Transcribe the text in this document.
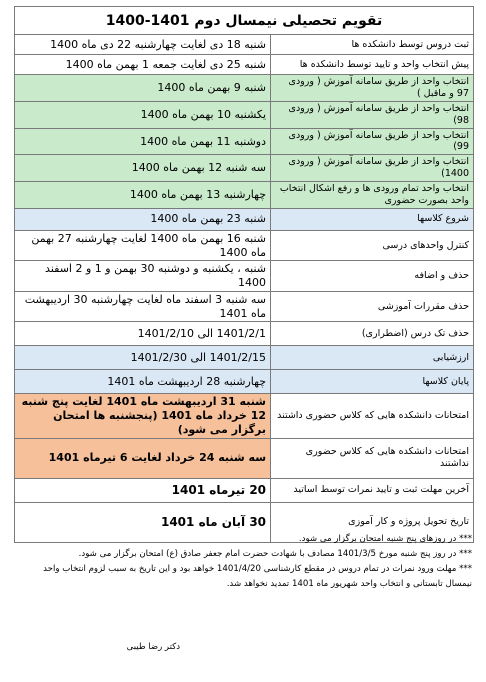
تقویم تحصیلی نیمسال دوم 1401-1400
ثبت دروس توسط دانشکده ها	شنبه 18 دی لغایت چهارشنبه 22 دی ماه 1400
پیش انتخاب واحد و تایید توسط دانشکده ها	شنبه 25 دی لغایت جمعه 1 بهمن ماه 1400
انتخاب واحد از طریق سامانه آموزش ( ورودی 97 و ماقبل )	شنبه 9 بهمن ماه 1400
انتخاب واحد از طریق سامانه آموزش ( ورودی 98)	یکشنبه 10 بهمن ماه 1400
انتخاب واحد از طریق سامانه آموزش ( ورودی 99)	دوشنبه 11 بهمن ماه 1400
انتخاب واحد از طریق سامانه آموزش ( ورودی 1400)	سه شنبه 12 بهمن ماه 1400
انتخاب واحد تمام ورودی ها و رفع اشکال انتخاب واحد بصورت حضوری	چهارشنبه 13 بهمن ماه 1400
شروع کلاسها	شنبه 23 بهمن ماه 1400
کنترل واحدهای درسی	شنبه 16 بهمن ماه 1400 لغایت چهارشنبه 27 بهمن ماه 1400
حذف و اضافه	شنبه ، یکشنبه و دوشنبه 30 بهمن و 1 و 2 اسفند 1400
حذف مقررات آموزشی	سه شنبه 3 اسفند ماه لغایت چهارشنبه 30 اردیبهشت ماه 1401
حذف تک درس (اضطراری)	1401/2/1 الی 1401/2/10
ارزشیابی	1401/2/15 الی 1401/2/30
پایان کلاسها	چهارشنبه 28 اردیبهشت ماه 1401
امتحانات دانشکده هایی که کلاس حضوری داشتند	شنبه 31 اردیبهشت ماه 1401 لغایت پنج شنبه 12 خرداد ماه 1401 (پنجشنبه ها امتحان برگزار می شود)
امتحانات دانشکده هایی که کلاس حضوری نداشتند	سه شنبه 24 خرداد لغایت 6 تیرماه 1401
آخرین مهلت ثبت و تایید نمرات توسط اساتید	20 تیرماه 1401
تاریخ تحویل پروژه و کار آموزی	30 آبان ماه 1401
*** در روزهای پنج شنبه امتحان برگزار می شود.
*** در روز پنج شنبه مورخ 1401/3/5 مصادف با شهادت حضرت امام جعفر صادق (ع) امتحان برگزار می شود.
*** مهلت ورود نمرات در تمام دروس در مقطع کارشناسی 1401/4/20 خواهد بود و این تاریخ به سبب لزوم انتخاب واحد نیمسال تابستانی و انتخاب واحد شهریور ماه 1401 تمدید نخواهد شد.
دکتر رضا طیبی
